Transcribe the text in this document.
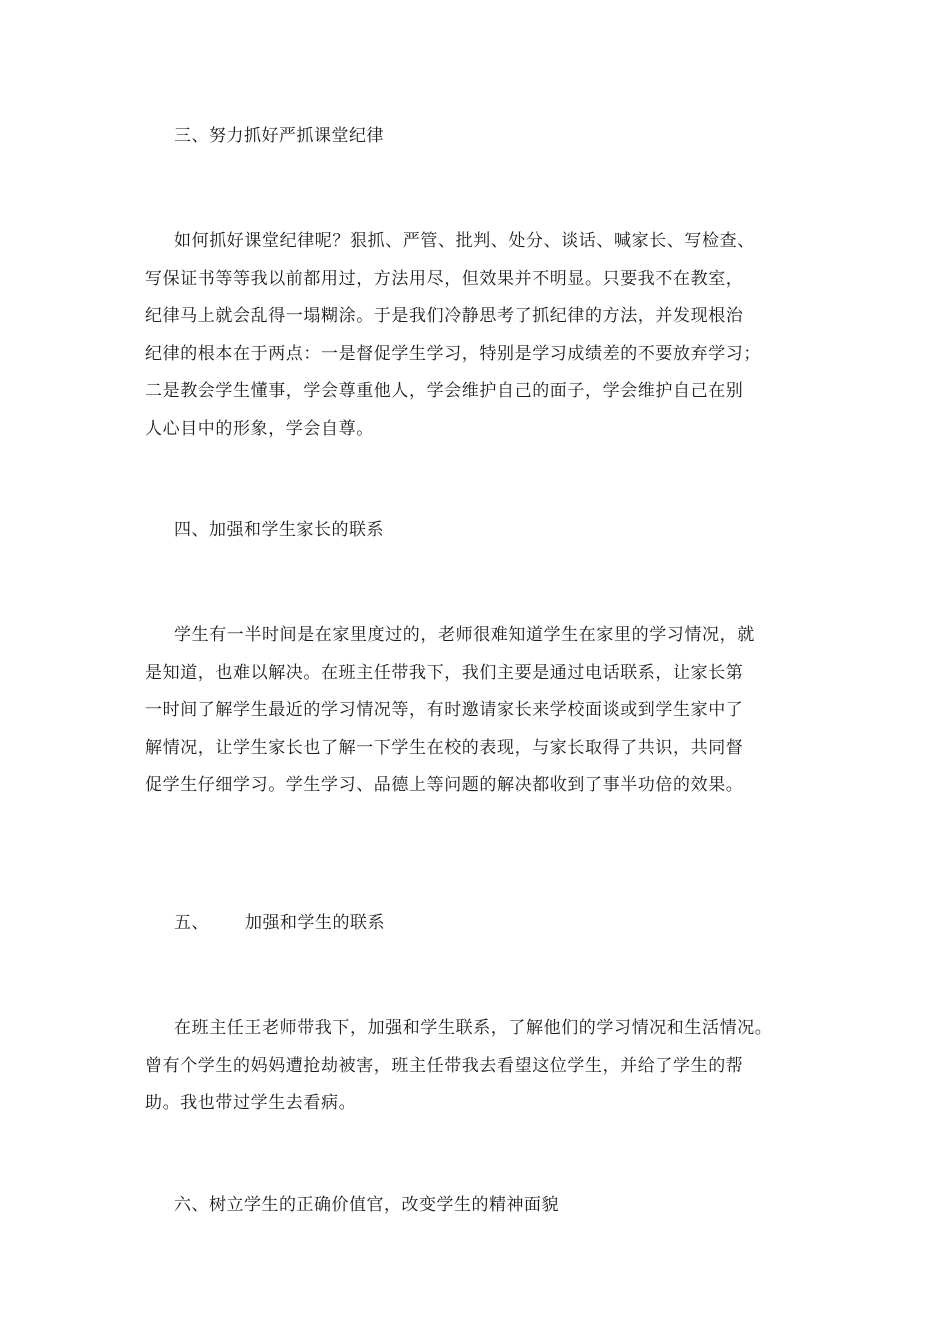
三、努力抓好严抓课堂纪律
如何抓好课堂纪律呢？狠抓、严管、批判、处分、谈话、喊家长、写检查、
写保证书等等我以前都用过，方法用尽，但效果并不明显。只要我不在教室，
纪律马上就会乱得一塌糊涂。于是我们冷静思考了抓纪律的方法，并发现根治
纪律的根本在于两点：一是督促学生学习，特别是学习成绩差的不要放弃学习；
二是教会学生懂事，学会尊重他人，学会维护自己的面子，学会维护自己在别
人心目中的形象，学会自尊。
四、加强和学生家长的联系
学生有一半时间是在家里度过的，老师很难知道学生在家里的学习情况，就
是知道，也难以解决。在班主任带我下，我们主要是通过电话联系，让家长第
一时间了解学生最近的学习情况等，有时邀请家长来学校面谈或到学生家中了
解情况，让学生家长也了解一下学生在校的表现，与家长取得了共识，共同督
促学生仔细学习。学生学习、品德上等问题的解决都收到了事半功倍的效果。
五、 加强和学生的联系
在班主任王老师带我下，加强和学生联系，了解他们的学习情况和生活情况。
曾有个学生的妈妈遭抢劫被害，班主任带我去看望这位学生，并给了学生的帮
助。我也带过学生去看病。
六、树立学生的正确价值官，改变学生的精神面貌
